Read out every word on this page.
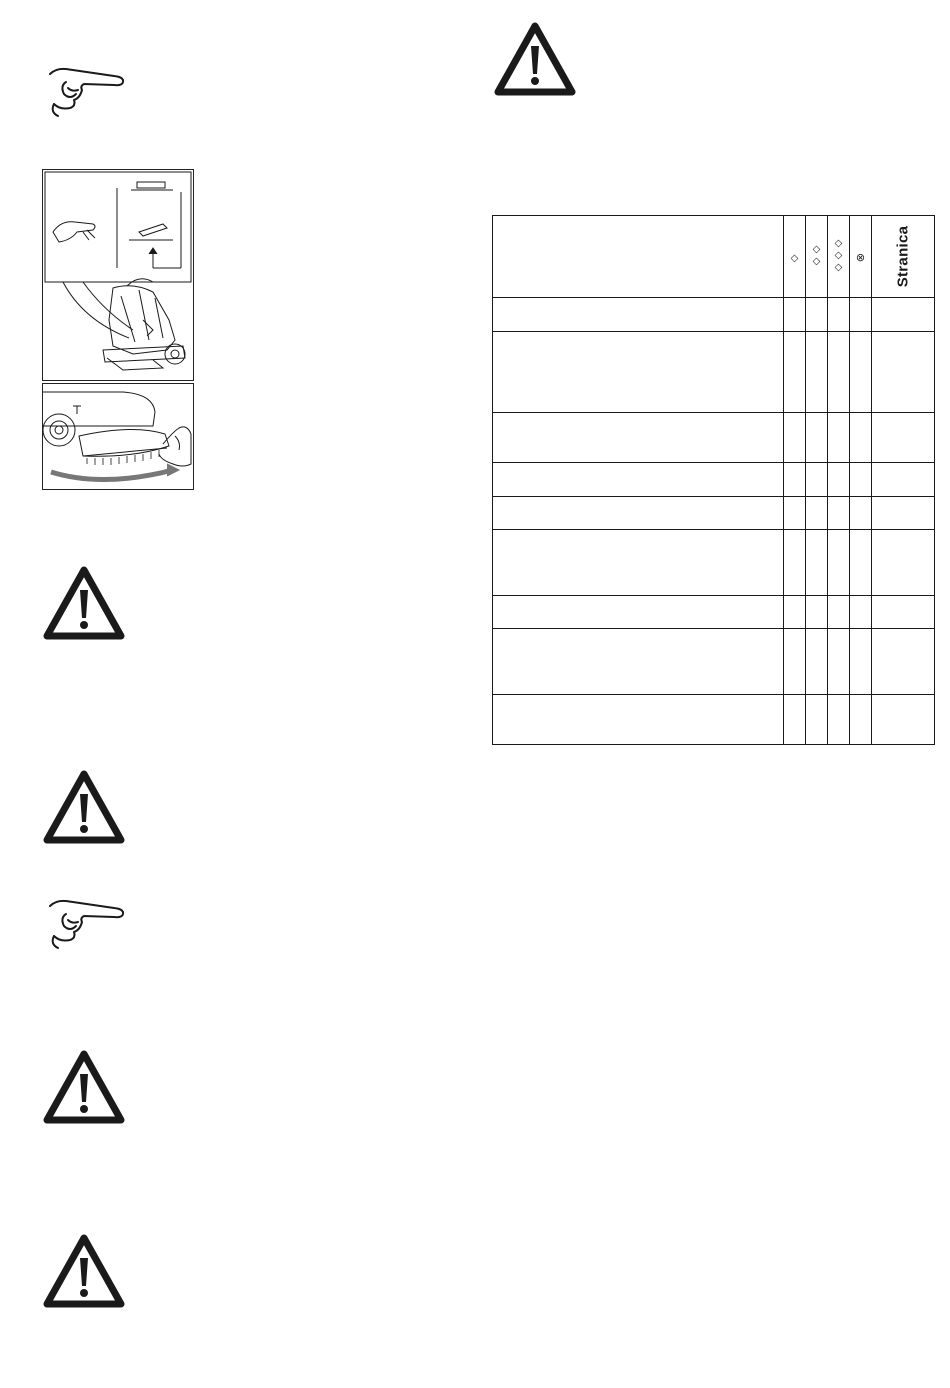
	◇	◇◇	◇◇◇	⊗	Stranica
